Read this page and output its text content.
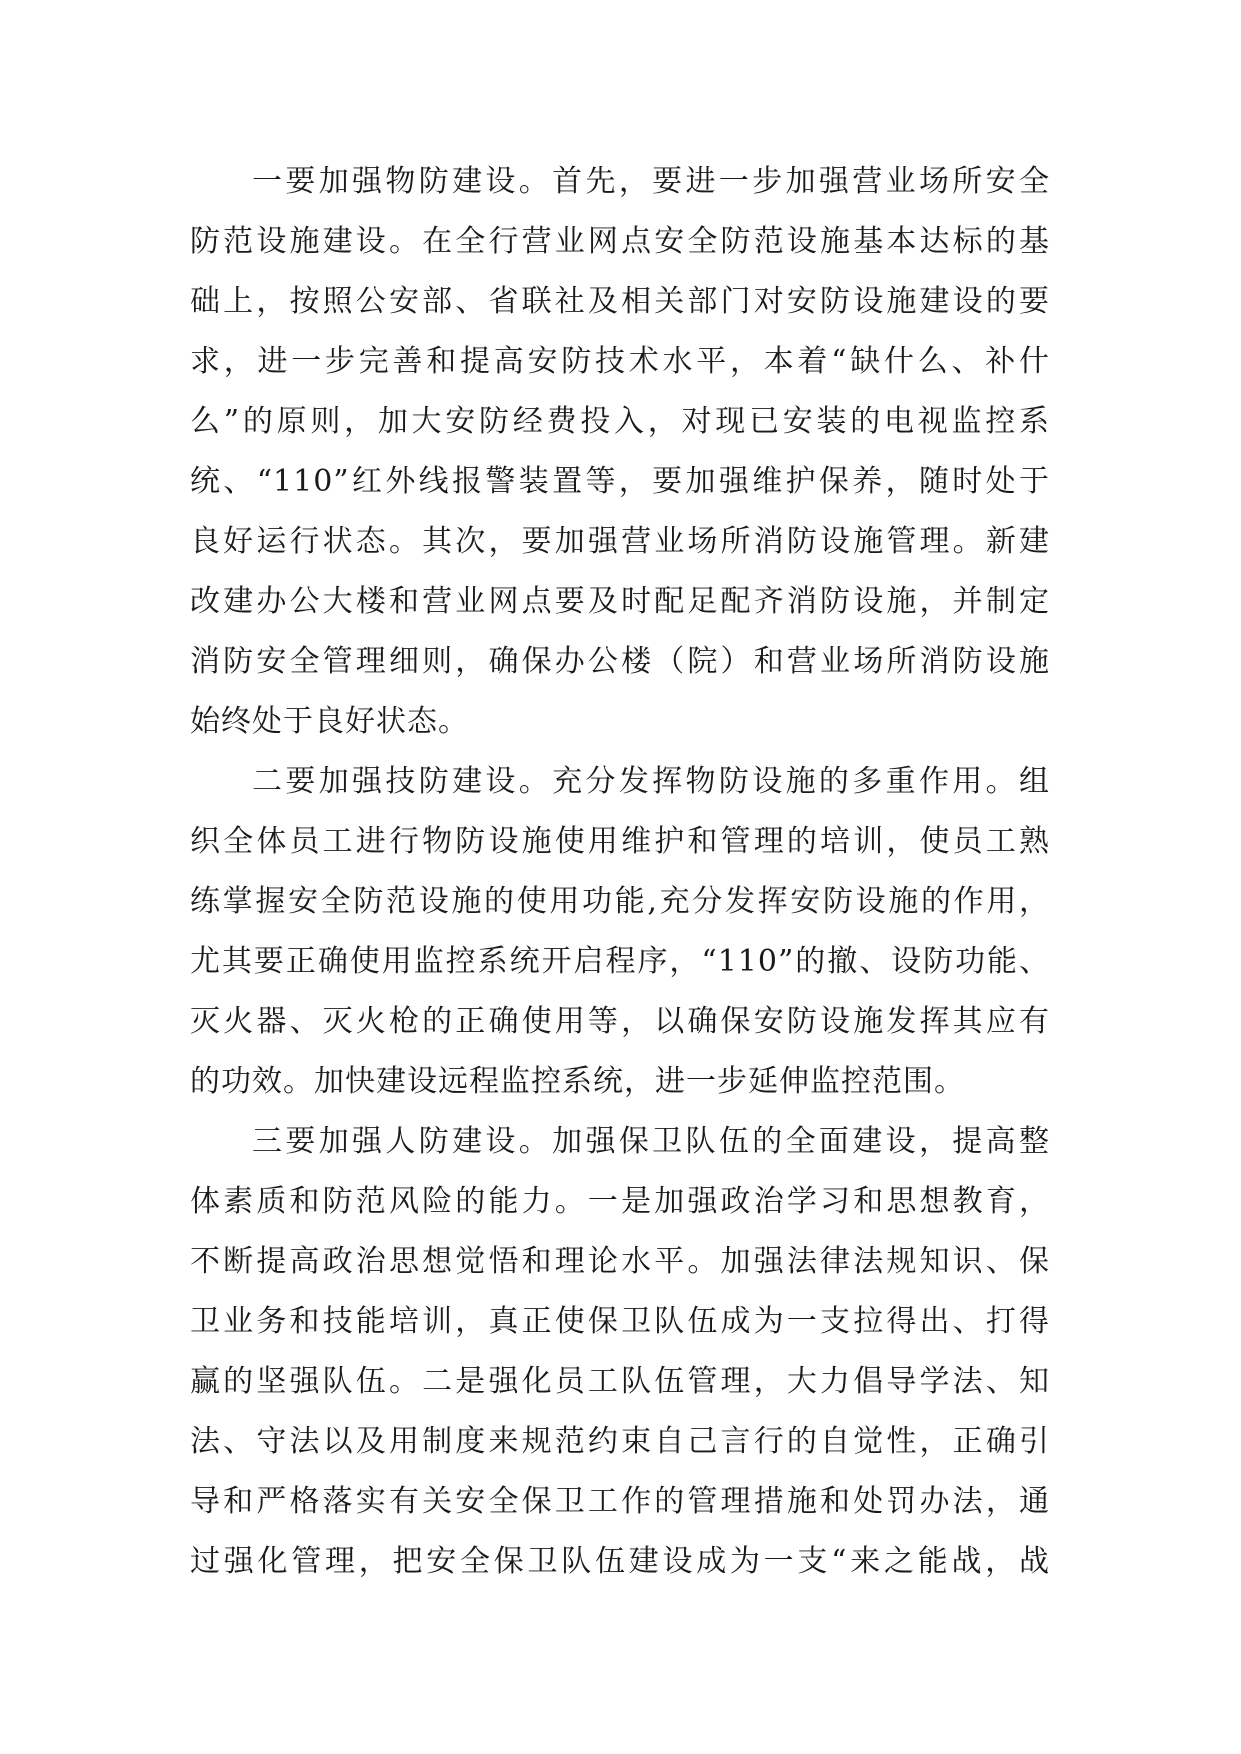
一要加强物防建设。首先，要进一步加强营业场所安全
防范设施建设。在全行营业网点安全防范设施基本达标的基
础上，按照公安部、省联社及相关部门对安防设施建设的要
求，进一步完善和提高安防技术水平，本着“缺什么、补什
么”的原则，加大安防经费投入，对现已安装的电视监控系
统、“110”红外线报警装置等，要加强维护保养，随时处于
良好运行状态。其次，要加强营业场所消防设施管理。新建
改建办公大楼和营业网点要及时配足配齐消防设施，并制定
消防安全管理细则，确保办公楼（院）和营业场所消防设施
始终处于良好状态。
二要加强技防建设。充分发挥物防设施的多重作用。组
织全体员工进行物防设施使用维护和管理的培训，使员工熟
练掌握安全防范设施的使用功能,充分发挥安防设施的作用，
尤其要正确使用监控系统开启程序，“110”的撤、设防功能、
灭火器、灭火枪的正确使用等，以确保安防设施发挥其应有
的功效。加快建设远程监控系统，进一步延伸监控范围。
三要加强人防建设。加强保卫队伍的全面建设，提高整
体素质和防范风险的能力。一是加强政治学习和思想教育，
不断提高政治思想觉悟和理论水平。加强法律法规知识、保
卫业务和技能培训，真正使保卫队伍成为一支拉得出、打得
赢的坚强队伍。二是强化员工队伍管理，大力倡导学法、知
法、守法以及用制度来规范约束自己言行的自觉性，正确引
导和严格落实有关安全保卫工作的管理措施和处罚办法，通
过强化管理，把安全保卫队伍建设成为一支“来之能战，战
